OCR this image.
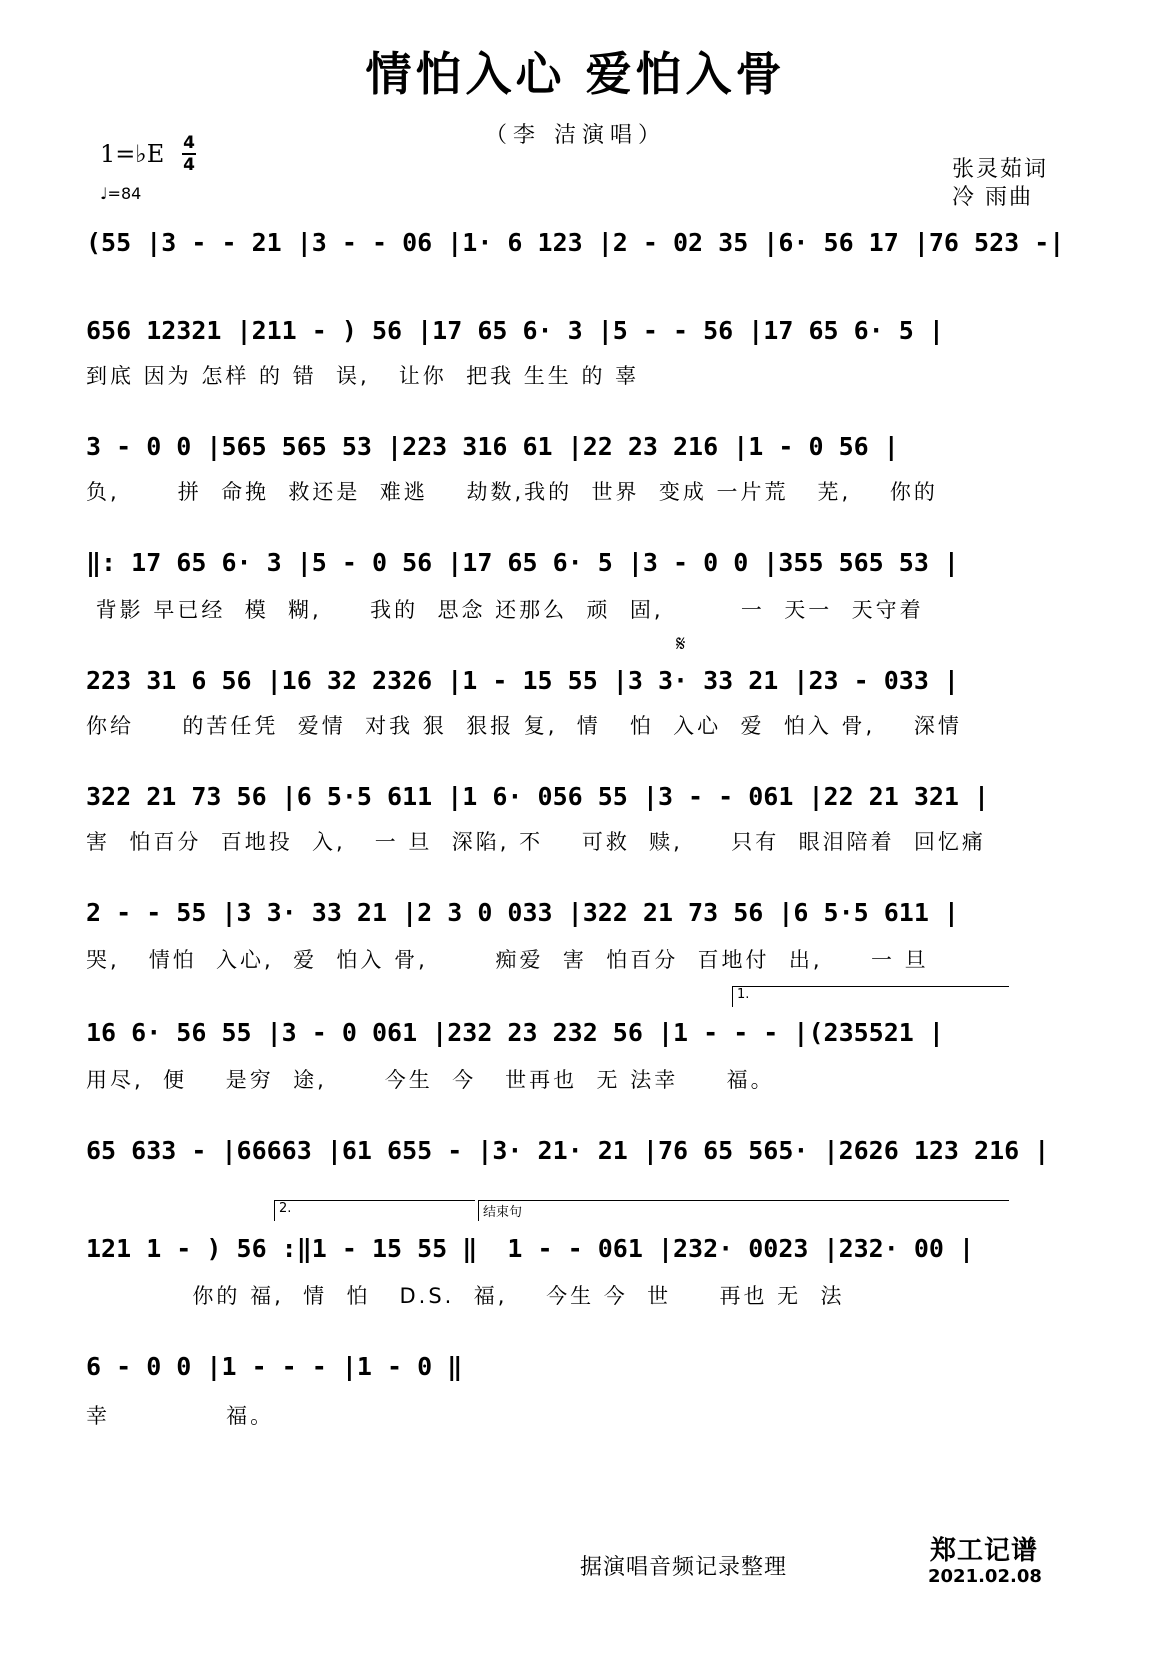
情怕入心 爱怕入骨
（李 洁演唱）
1=♭E 4
4
♩=84
张灵茹词
冷 雨曲
(55 |3 - - 21 |3 - - 06 |1· 6 123 |2 - 02 35 |6· 56 17 |76 523 -|
656 12321 |211 - ) 56 |17 65 6· 3 |5 - - 56 |17 65 6· 5 |
到底 因为 怎样 的 错  误,   让你  把我 生生 的 辜
3 - 0 0 |565 565 53 |223 316 61 |22 23 216 |1 - 0 56 |
负,      拼  命挽  救还是  难逃    劫数,我的  世界  变成 一片荒   芜,    你的
‖: 17 65 6· 3 |5 - 0 56 |17 65 6· 5 |3 - 0 0 |355 565 53 |
背影 早已经  模  糊,     我的  思念 还那么  顽  固,        一  天一  天守着
𝄋
223 31 6 56 |16 32 2326 |1 - 15 55 |3 3· 33 21 |23 - 033 |
你给     的苦任凭  爱情  对我 狠  狠报 复,  情   怕  入心  爱  怕入 骨,    深情
322 21 73 56 |6 5·5 611 |1 6· 056 55 |3 - - 061 |22 21 321 |
害  怕百分  百地投  入,   一 旦  深陷, 不    可救  赎,     只有  眼泪陪着  回忆痛
2 - - 55 |3 3· 33 21 |2 3 0 033 |322 21 73 56 |6 5·5 611 |
哭,   情怕  入心,  爱  怕入 骨,       痴爱  害  怕百分  百地付  出,     一 旦
1.
16 6· 56 55 |3 - 0 061 |232 23 232 56 |1 - - - |(235521 |
用尽,  便    是穷  途,      今生  今   世再也  无 法幸     福。
65 633 - |66663 |61 655 - |3· 21· 21 |76 65 565· |2626 123 216 |
2.	结束句
121 1 - ) 56 :‖1 - 15 55 ‖  1 - - 061 |232· 0023 |232· 00 |
你的 福,  情  怕   D.S.  福,    今生 今  世     再也 无  法
6 - 0 0 |1 - - - |1 - 0 ‖
幸            福。
据演唱音频记录整理
郑工记谱
2021.02.08
